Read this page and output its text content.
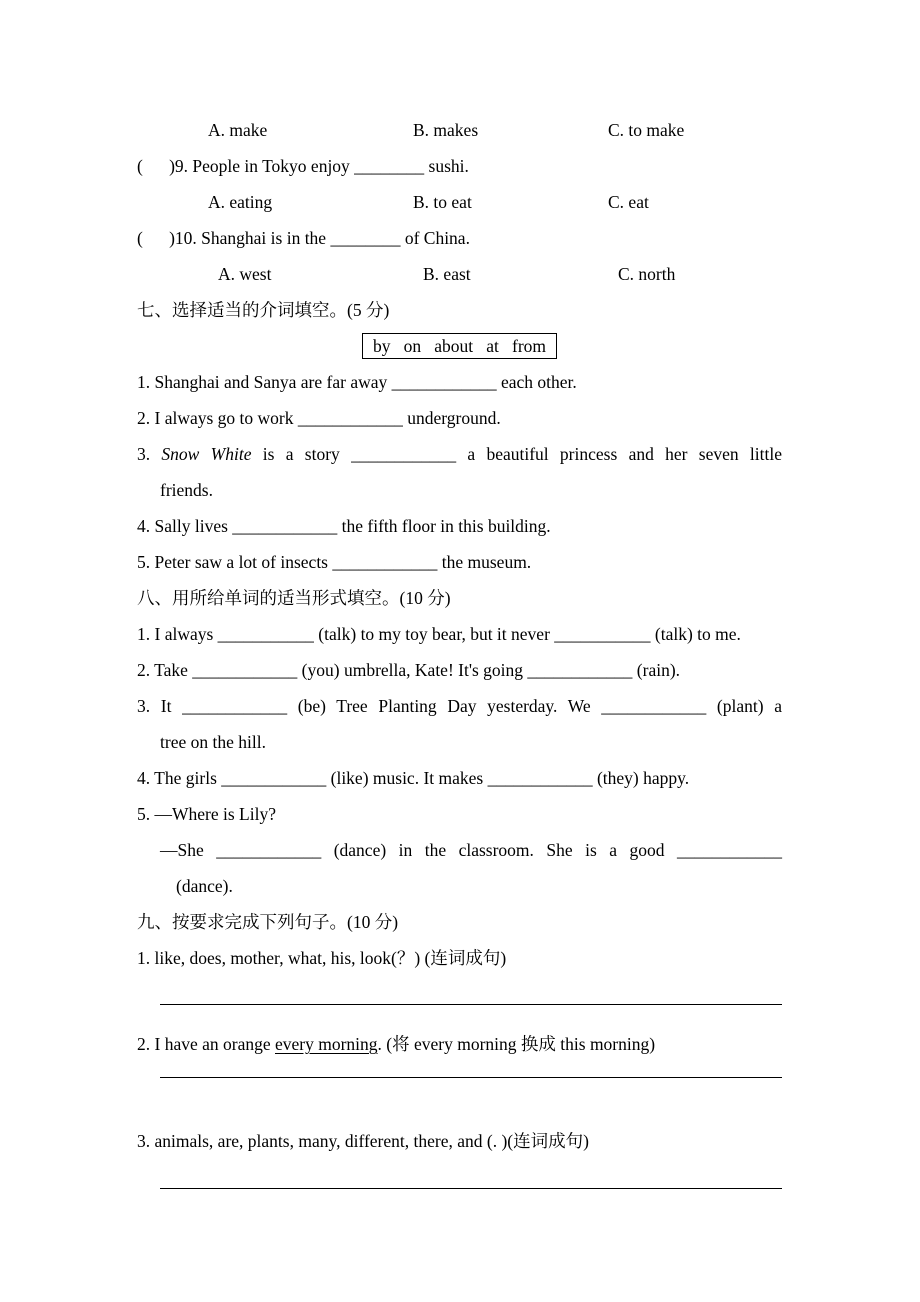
A. make	B. makes	C. to make
(      )9. People in Tokyo enjoy ________ sushi.
A. eating	B. to eat	C. eat
(      )10. Shanghai is in the ________ of China.
A. west	B. east	C. north
七、选择适当的介词填空。(5 分)
by   on   about   at   from
1. Shanghai and Sanya are far away ____________ each other.
2. I always go to work ____________ underground.
3. Snow White is a story ____________ a beautiful princess and her seven little
friends.
4. Sally lives ____________ the fifth floor in this building.
5. Peter saw a lot of insects ____________ the museum.
八、用所给单词的适当形式填空。(10 分)
1. I always ___________ (talk) to my toy bear, but it never ___________ (talk) to me.
2. Take ____________ (you) umbrella, Kate! It's going ____________ (rain).
3. It ____________ (be) Tree Planting Day yesterday. We ____________ (plant) a
tree on the hill.
4. The girls ____________ (like) music. It makes ____________ (they) happy.
5. —Where is Lily?
—She ____________ (dance) in the classroom. She is a good ____________
(dance).
九、按要求完成下列句子。(10 分)
1. like, does, mother, what, his, look(？) (连词成句)
2. I have an orange every morning. (将 every morning 换成 this morning)
3. animals, are, plants, many, different, there, and (. )(连词成句)
